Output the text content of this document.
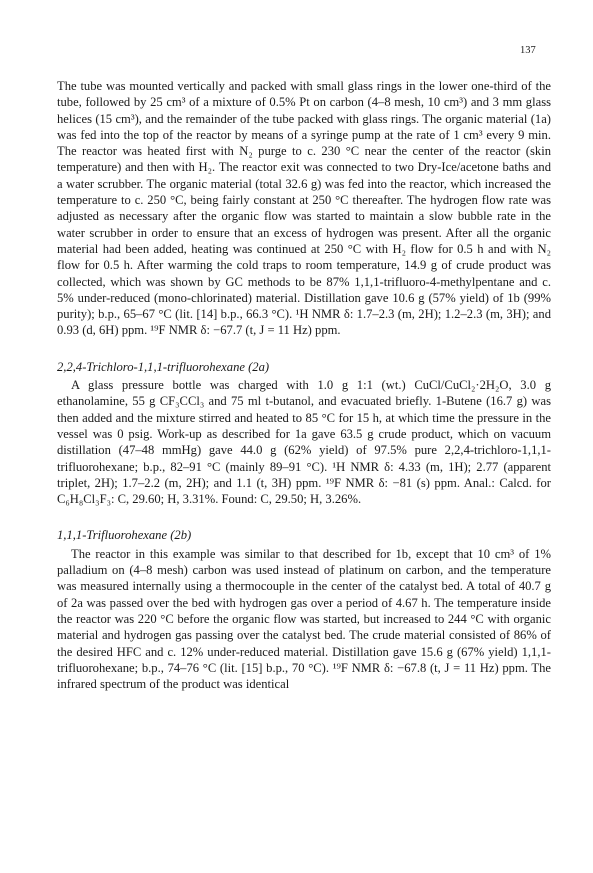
137

The tube was mounted vertically and packed with small glass rings in the lower one-third of the tube, followed by 25 cm³ of a mixture of 0.5% Pt on carbon (4–8 mesh, 10 cm³) and 3 mm glass helices (15 cm³), and the remainder of the tube packed with glass rings. The organic material (1a) was fed into the top of the reactor by means of a syringe pump at the rate of 1 cm³ every 9 min. The reactor was heated first with N₂ purge to c. 230 °C near the center of the reactor (skin temperature) and then with H₂. The reactor exit was connected to two Dry-Ice/acetone baths and a water scrubber. The organic material (total 32.6 g) was fed into the reactor, which increased the temperature to c. 250 °C, being fairly constant at 250 °C thereafter. The hydrogen flow rate was adjusted as necessary after the organic flow was started to maintain a slow bubble rate in the water scrubber in order to ensure that an excess of hydrogen was present. After all the organic material had been added, heating was continued at 250 °C with H₂ flow for 0.5 h and with N₂ flow for 0.5 h. After warming the cold traps to room temperature, 14.9 g of crude product was collected, which was shown by GC methods to be 87% 1,1,1-trifluoro-4-methylpentane and c. 5% under-reduced (mono-chlorinated) material. Distillation gave 10.6 g (57% yield) of 1b (99% purity); b.p., 65–67 °C (lit. [14] b.p., 66.3 °C). ¹H NMR δ: 1.7–2.3 (m, 2H); 1.2–2.3 (m, 3H); and 0.93 (d, 6H) ppm. ¹⁹F NMR δ: −67.7 (t, J = 11 Hz) ppm.

2,2,4-Trichloro-1,1,1-trifluorohexane (2a)

A glass pressure bottle was charged with 1.0 g 1:1 (wt.) CuCl/CuCl₂·2H₂O, 3.0 g ethanolamine, 55 g CF₃CCl₃ and 75 ml t-butanol, and evacuated briefly. 1-Butene (16.7 g) was then added and the mixture stirred and heated to 85 °C for 15 h, at which time the pressure in the vessel was 0 psig. Work-up as described for 1a gave 63.5 g crude product, which on vacuum distillation (47–48 mmHg) gave 44.0 g (62% yield) of 97.5% pure 2,2,4-trichloro-1,1,1-trifluorohexane; b.p., 82–91 °C (mainly 89–91 °C). ¹H NMR δ: 4.33 (m, 1H); 2.77 (apparent triplet, 2H); 1.7–2.2 (m, 2H); and 1.1 (t, 3H) ppm. ¹⁹F NMR δ: −81 (s) ppm. Anal.: Calcd. for C₆H₈Cl₃F₃: C, 29.60; H, 3.31%. Found: C, 29.50; H, 3.26%.

1,1,1-Trifluorohexane (2b)

The reactor in this example was similar to that described for 1b, except that 10 cm³ of 1% palladium on (4–8 mesh) carbon was used instead of platinum on carbon, and the temperature was measured internally using a thermocouple in the center of the catalyst bed. A total of 40.7 g of 2a was passed over the bed with hydrogen gas over a period of 4.67 h. The temperature inside the reactor was 220 °C before the organic flow was started, but increased to 244 °C with organic material and hydrogen gas passing over the catalyst bed. The crude material consisted of 86% of the desired HFC and c. 12% under-reduced material. Distillation gave 15.6 g (67% yield) 1,1,1-trifluorohexane; b.p., 74–76 °C (lit. [15] b.p., 70 °C). ¹⁹F NMR δ: −67.8 (t, J = 11 Hz) ppm. The infrared spectrum of the product was identical
